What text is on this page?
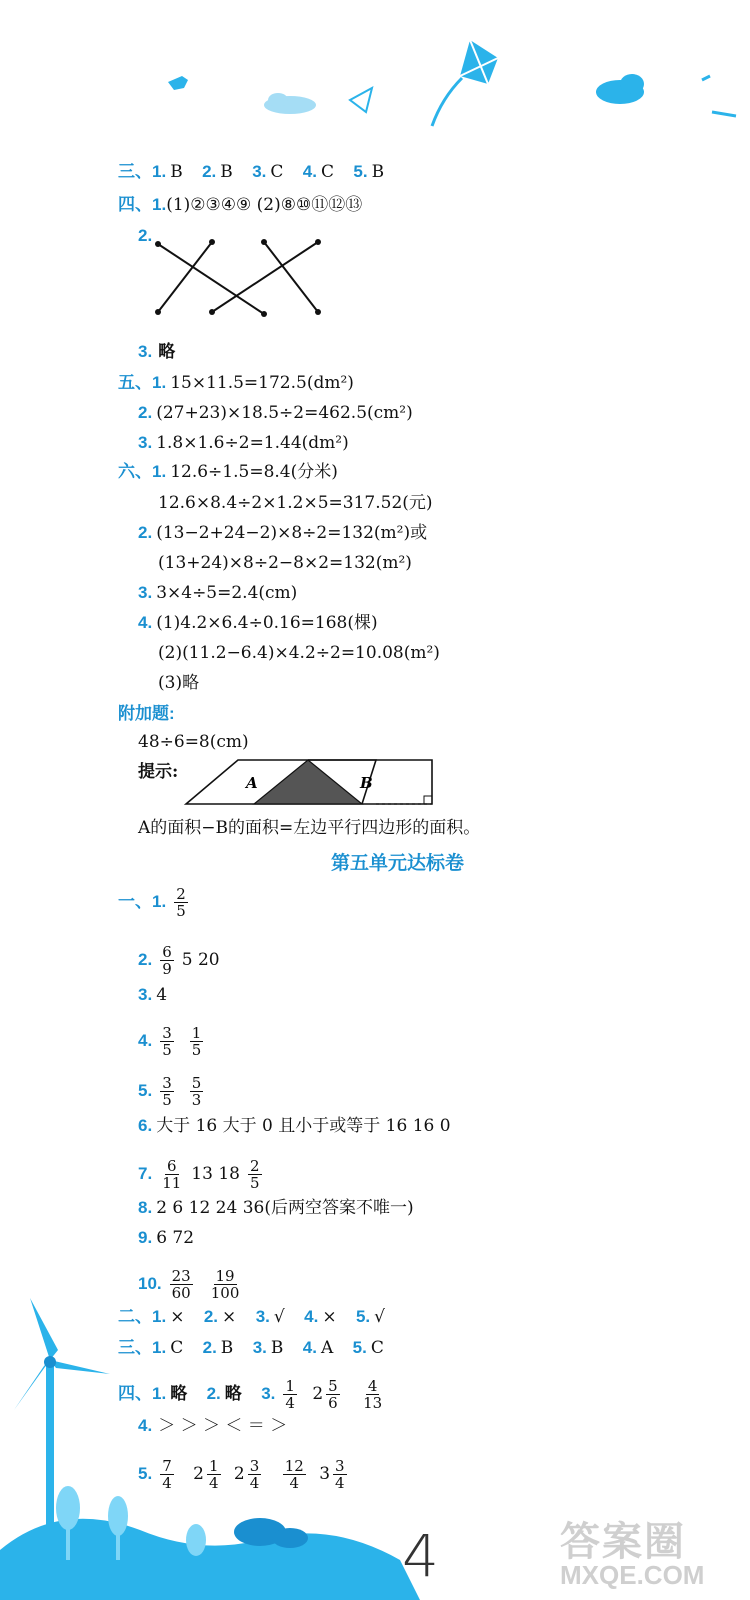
三、1. B 2. B 3. C 4. C 5. B
四、1.(1)②③④⑨ (2)⑧⑩⑪⑫⑬
2.
3. 略
五、1. 15×11.5=172.5(dm²)
2. (27+23)×18.5÷2=462.5(cm²)
3. 1.8×1.6÷2=1.44(dm²)
六、1. 12.6÷1.5=8.4(分米)
12.6×8.4÷2×1.2×5=317.52(元)
2. (13−2+24−2)×8÷2=132(m²)或
(13+24)×8÷2−8×2=132(m²)
3. 3×4÷5=2.4(cm)
4. (1)4.2×6.4÷0.16=168(棵)
(2)(11.2−6.4)×4.2÷2=10.08(m²)
(3)略
附加题:
48÷6=8(cm)
提示:
A	B
A的面积−B的面积=左边平行四边形的面积。
第五单元达标卷
一、1. $\frac{2}{5}$
2. $\frac{6}{9} 5$ 20
3. 4
4. $\frac{3}{5} \frac{1}{5}$
5. $\frac{3}{5} \frac{5}{3}$
6. 大于 16 大于 0 且小于或等于 16 16 0
7. $\frac{6}{11} 13$ $18 \frac{2}{5}$
8. 2 6 12 24 36(后两空答案不唯一)
9. 6 72
10. $\frac{23}{60} \frac{19}{100}$
二、1. × 2. × 3. √ 4. × 5. √
三、1. C 2. B 3. B 4. A 5. C
四、1. 略 2. 略 3. $\frac{1}{4} 2 \frac{5}{6}$
$\frac{4}{13}$
4. ＞ ＞ ＞ ＜ ＝ ＞
5. $\frac{7}{4} 2 \frac{1}{4} 2 \frac{3}{4}$
$\frac{12}{4} 3 \frac{3}{4}$
4	答案圈
MXQE.COM
